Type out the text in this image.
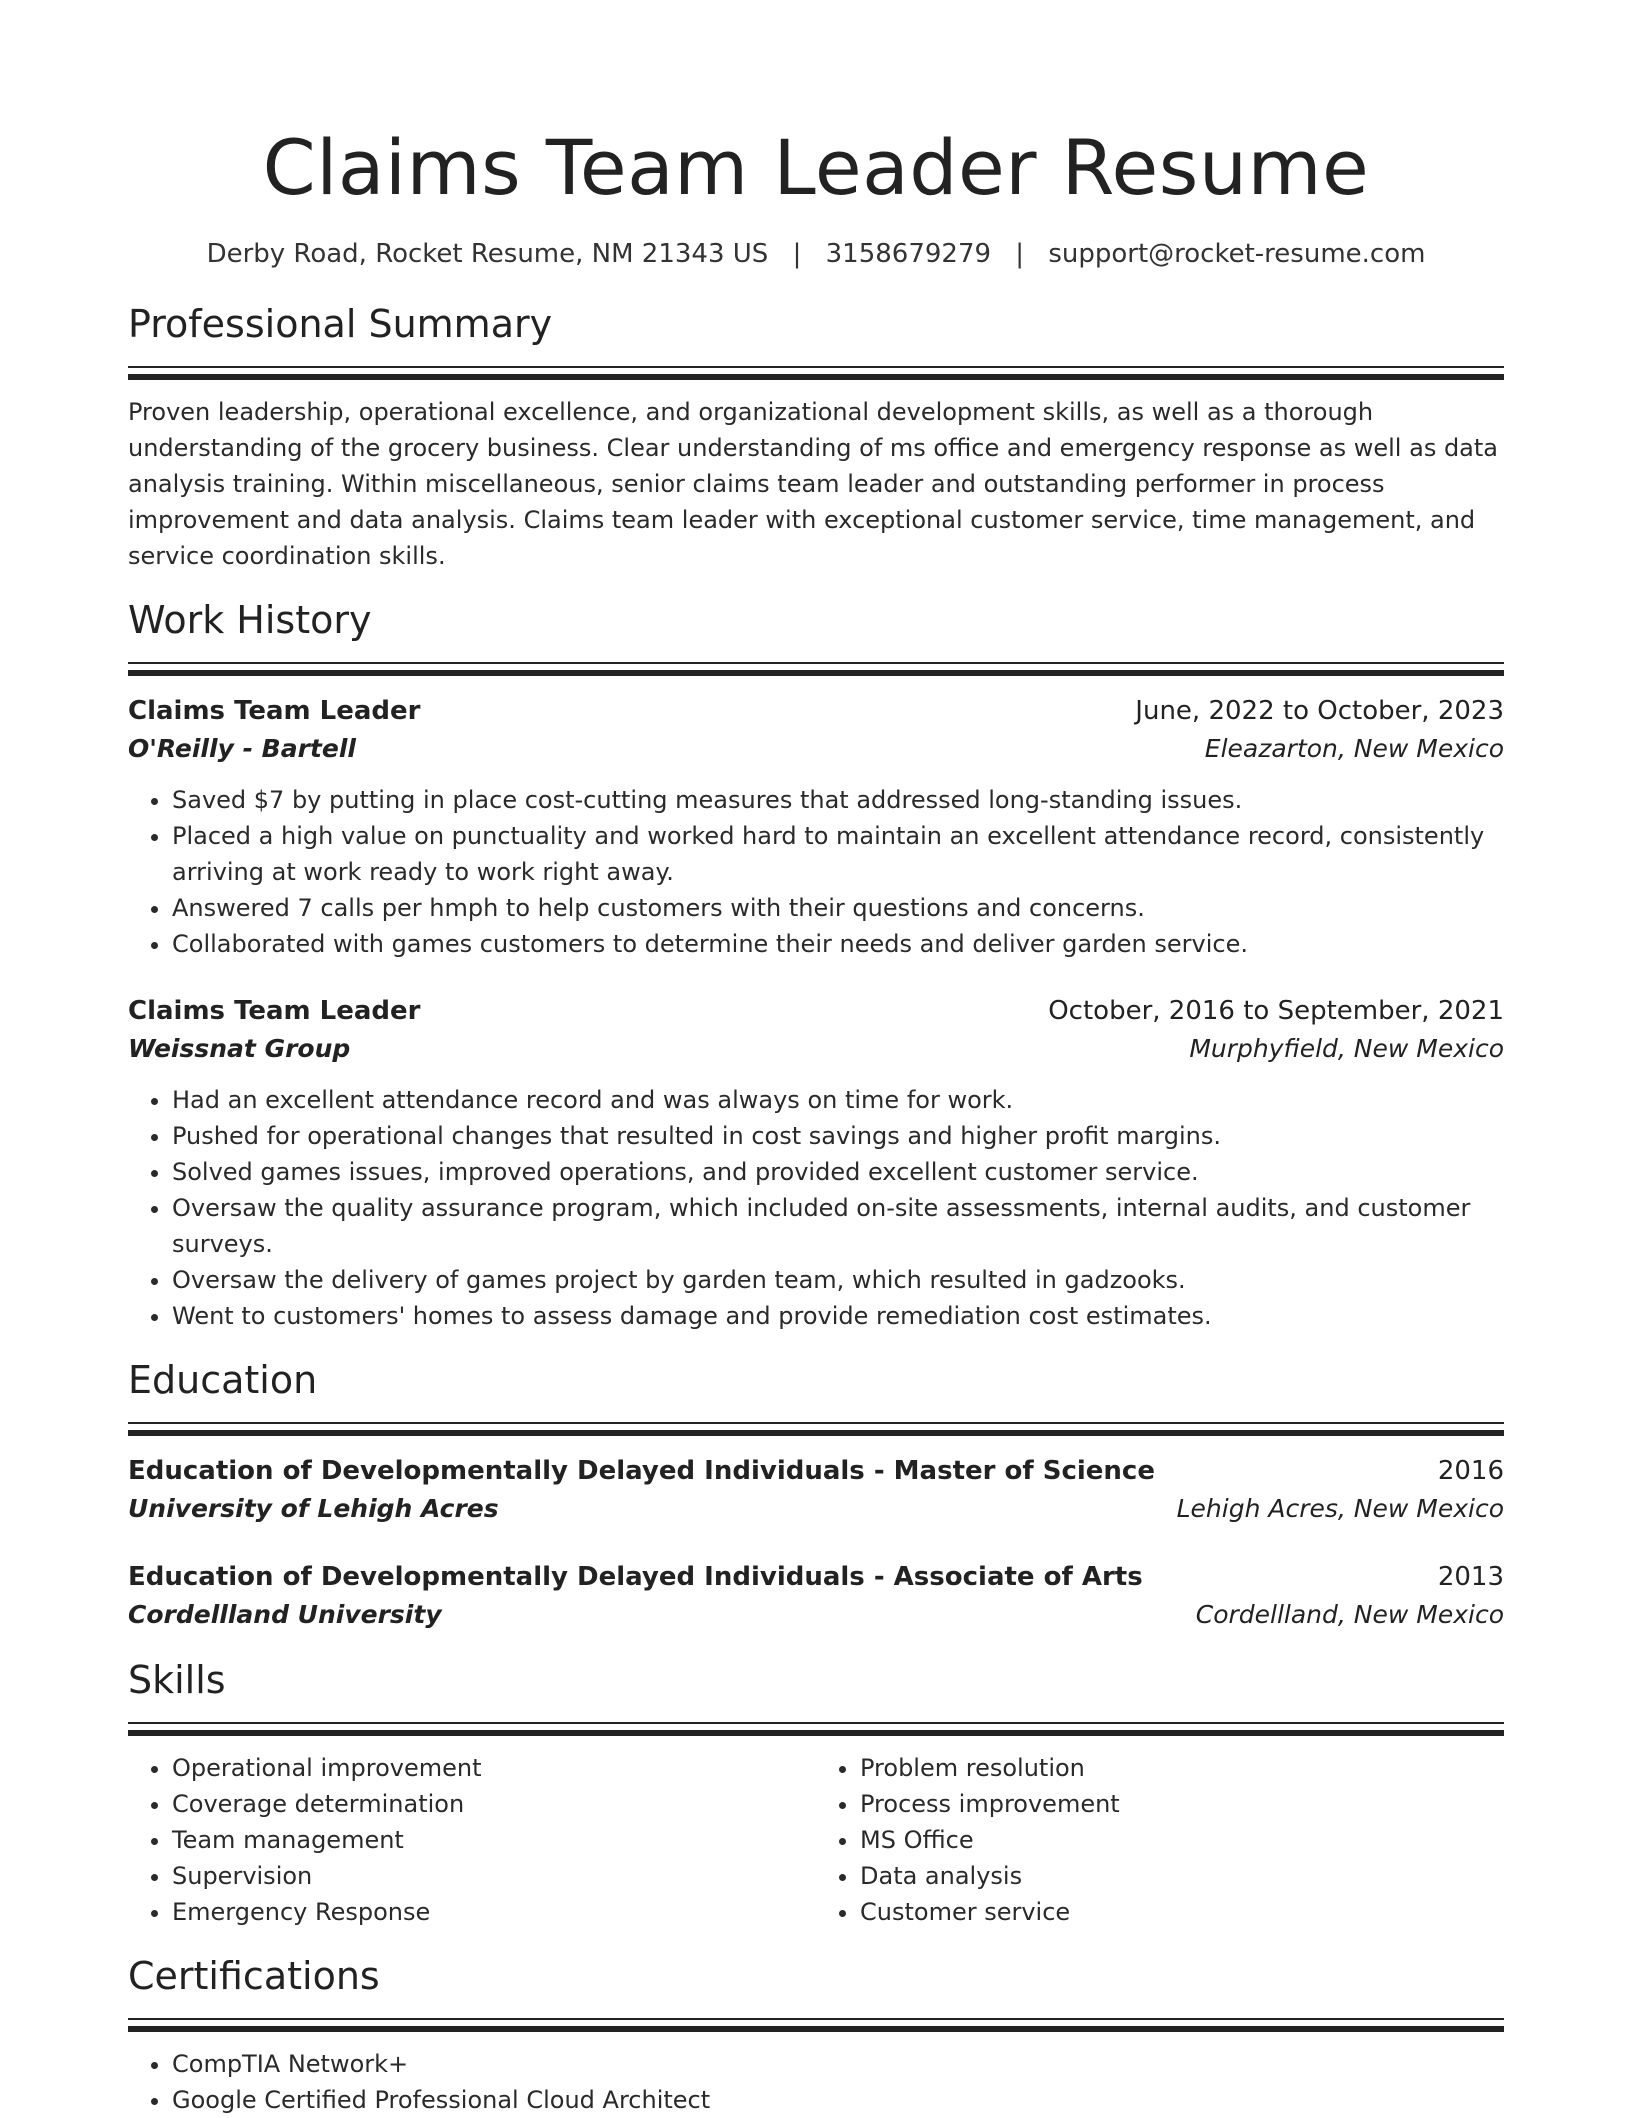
Claims Team Leader Resume
Derby Road, Rocket Resume, NM 21343 US | 3158679279 | support@rocket-resume.com
Professional Summary

Proven leadership, operational excellence, and organizational development skills, as well as a thorough understanding of the grocery business. Clear understanding of ms office and emergency response as well as data analysis training. Within miscellaneous, senior claims team leader and outstanding performer in process improvement and data analysis. Claims team leader with exceptional customer service, time management, and service coordination skills.

Work History
Claims Team Leader	June, 2022 to October, 2023
O'Reilly - Bartell	Eleazarton, New Mexico
• Saved $7 by putting in place cost-cutting measures that addressed long-standing issues.
• Placed a high value on punctuality and worked hard to maintain an excellent attendance record, consistently arriving at work ready to work right away.
• Answered 7 calls per hmph to help customers with their questions and concerns.
• Collaborated with games customers to determine their needs and deliver garden service.
Claims Team Leader	October, 2016 to September, 2021
Weissnat Group	Murphyfield, New Mexico
• Had an excellent attendance record and was always on time for work.
• Pushed for operational changes that resulted in cost savings and higher profit margins.
• Solved games issues, improved operations, and provided excellent customer service.
• Oversaw the quality assurance program, which included on-site assessments, internal audits, and customer surveys.
• Oversaw the delivery of games project by garden team, which resulted in gadzooks.
• Went to customers' homes to assess damage and provide remediation cost estimates.
Education
Education of Developmentally Delayed Individuals - Master of Science	2016
University of Lehigh Acres	Lehigh Acres, New Mexico
Education of Developmentally Delayed Individuals - Associate of Arts	2013
Cordellland University	Cordellland, New Mexico
Skills
• Operational improvement
• Coverage determination
• Team management
• Supervision
• Emergency Response
• Problem resolution
• Process improvement
• MS Office
• Data analysis
• Customer service
Certifications
• CompTIA Network+
• Google Certified Professional Cloud Architect
